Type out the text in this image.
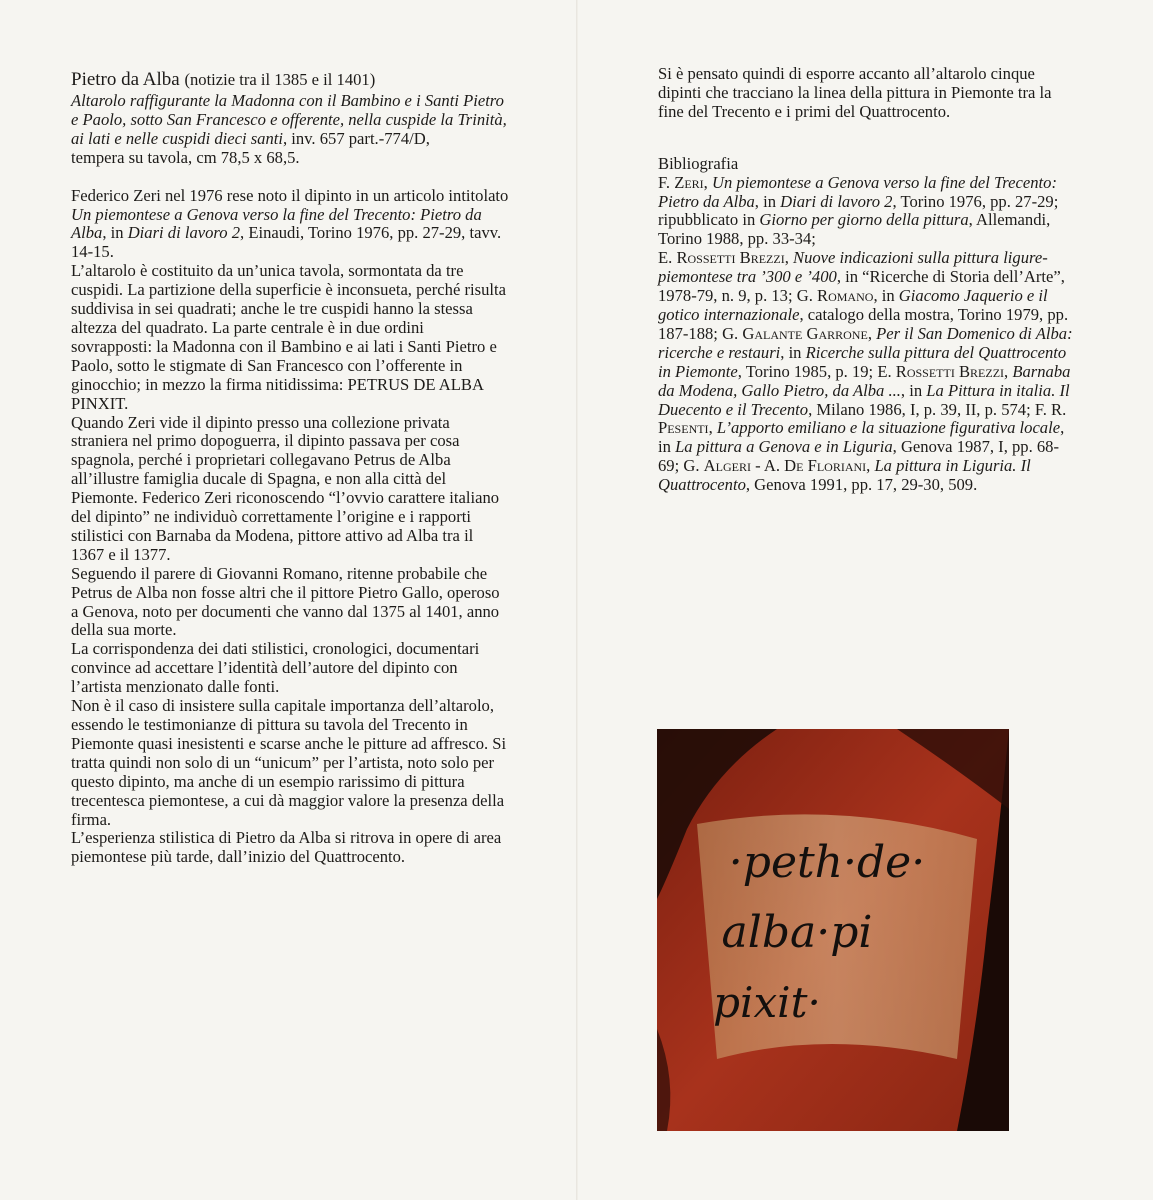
Pietro da Alba (notizie tra il 1385 e il 1401)

Altarolo raffigurante la Madonna con il Bambino e i Santi Pietro e Paolo, sotto San Francesco e offerente, nella cuspide la Trinità, ai lati e nelle cuspidi dieci santi, inv. 657 part.-774/D,

tempera su tavola, cm 78,5 x 68,5.

Federico Zeri nel 1976 rese noto il dipinto in un articolo intitolato Un piemontese a Genova verso la fine del Trecento: Pietro da Alba, in Diari di lavoro 2, Einaudi, Torino 1976, pp. 27-29, tavv. 14-15.

L’altarolo è costituito da un’unica tavola, sormontata da tre cuspidi. La partizione della superficie è inconsueta, perché risulta suddivisa in sei quadrati; anche le tre cuspidi hanno la stessa altezza del quadrato. La parte centrale è in due ordini sovrapposti: la Madonna con il Bambino e ai lati i Santi Pietro e Paolo, sotto le stigmate di San Francesco con l’offerente in ginocchio; in mezzo la firma nitidissima: PETRUS DE ALBA PINXIT.

Quando Zeri vide il dipinto presso una collezione privata straniera nel primo dopoguerra, il dipinto passava per cosa spagnola, perché i proprietari collegavano Petrus de Alba all’illustre famiglia ducale di Spagna, e non alla città del Piemonte. Federico Zeri riconoscendo “l’ovvio carattere italiano del dipinto” ne individuò correttamente l’origine e i rapporti stilistici con Barnaba da Modena, pittore attivo ad Alba tra il 1367 e il 1377.

Seguendo il parere di Giovanni Romano, ritenne probabile che Petrus de Alba non fosse altri che il pittore Pietro Gallo, operoso a Genova, noto per documenti che vanno dal 1375 al 1401, anno della sua morte.

La corrispondenza dei dati stilistici, cronologici, documentari convince ad accettare l’identità dell’autore del dipinto con l’artista menzionato dalle fonti.

Non è il caso di insistere sulla capitale importanza dell’altarolo, essendo le testimonianze di pittura su tavola del Trecento in Piemonte quasi inesistenti e scarse anche le pitture ad affresco. Si tratta quindi non solo di un “unicum” per l’artista, noto solo per questo dipinto, ma anche di un esempio rarissimo di pittura trecentesca piemontese, a cui dà maggior valore la presenza della firma.

L’esperienza stilistica di Pietro da Alba si ritrova in opere di area piemontese più tarde, dall’inizio del Quattrocento.

Si è pensato quindi di esporre accanto all’altarolo cinque dipinti che tracciano la linea della pittura in Piemonte tra la fine del Trecento e i primi del Quattrocento.

Bibliografia

F. Zeri, Un piemontese a Genova verso la fine del Trecento: Pietro da Alba, in Diari di lavoro 2, Torino 1976, pp. 27-29; ripubblicato in Giorno per giorno della pittura, Allemandi, Torino 1988, pp. 33-34;
E. Rossetti Brezzi, Nuove indicazioni sulla pittura ligure-piemontese tra ’300 e ’400, in “Ricerche di Storia dell’Arte”, 1978-79, n. 9, p. 13; G. Romano, in Giacomo Jaquerio e il gotico internazionale, catalogo della mostra, Torino 1979, pp. 187-188; G. Galante Garrone, Per il San Domenico di Alba: ricerche e restauri, in Ricerche sulla pittura del Quattrocento in Piemonte, Torino 1985, p. 19; E. Rossetti Brezzi, Barnaba da Modena, Gallo Pietro, da Alba ..., in La Pittura in italia. Il Duecento e il Trecento, Milano 1986, I, p. 39, II, p. 574; F. R. Pesenti, L’apporto emiliano e la situazione figurativa locale, in La pittura a Genova e in Liguria, Genova 1987, I, pp. 68-69; G. Algeri - A. De Floriani, La pittura in Liguria. Il Quattrocento, Genova 1991, pp. 17, 29-30, 509.

·peth·de·
alba·pi
pixit·
